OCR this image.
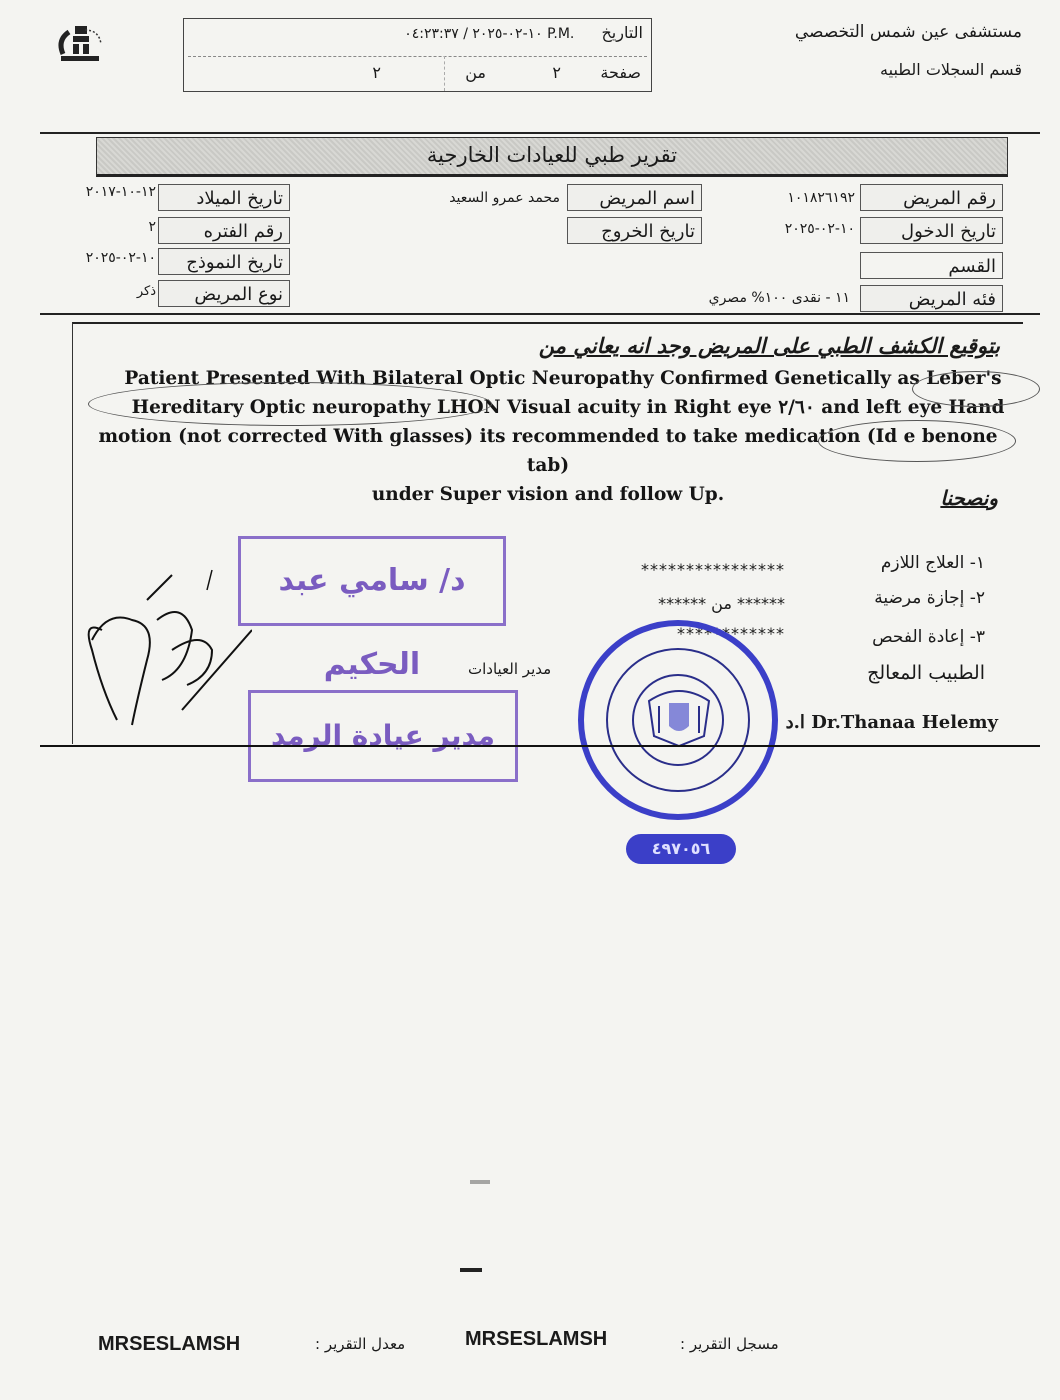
مستشفى عين شمس التخصصي
قسم السجلات الطبيه
التاريخ ١٠-٠٢-٢٠٢٥ / ٠٤:٢٣:٣٧ P.M.
صفحة
٢
من
٢
تقرير طبي للعيادات الخارجية
رقم المريض
١٠١٨٢٦١٩٢
تاريخ الدخول
١٠-٠٢-٢٠٢٥
القسم
فئه المريض
١١ - نقدى ١٠٠% مصري
اسم المريض
محمد عمرو السعيد
تاريخ الخروج
تاريخ الميلاد
١٢-١٠-٢٠١٧
رقم الفتره
٢
تاريخ النموذج
١٠-٠٢-٢٠٢٥
نوع المريض
ذكر
بتوقيع الكشف الطبي على المريض وجد انه يعاني من
Patient Presented With Bilateral Optic Neuropathy Confirmed Genetically as Leber's
Hereditary Optic neuropathy LHON Visual acuity in Right eye ٢/٦٠ and left eye Hand
motion (not corrected With glasses) its recommended to take medication (Id e benone tab)
under Super vision and follow Up.	ونصحنا
١- العلاج اللازم
****************
٢- إجازة مرضية
****** من ******
٣- إعادة الفحص
************
الطبيب المعالج
ا.د Dr.Thanaa Helemy
مدير العيادات
د/ سامي عبد الحكيم
مدير عيادة الرمد
٤٩٧٠٥٦
مسجل التقرير :
MRSESLAMSH
معدل التقرير :
MRSESLAMSH
